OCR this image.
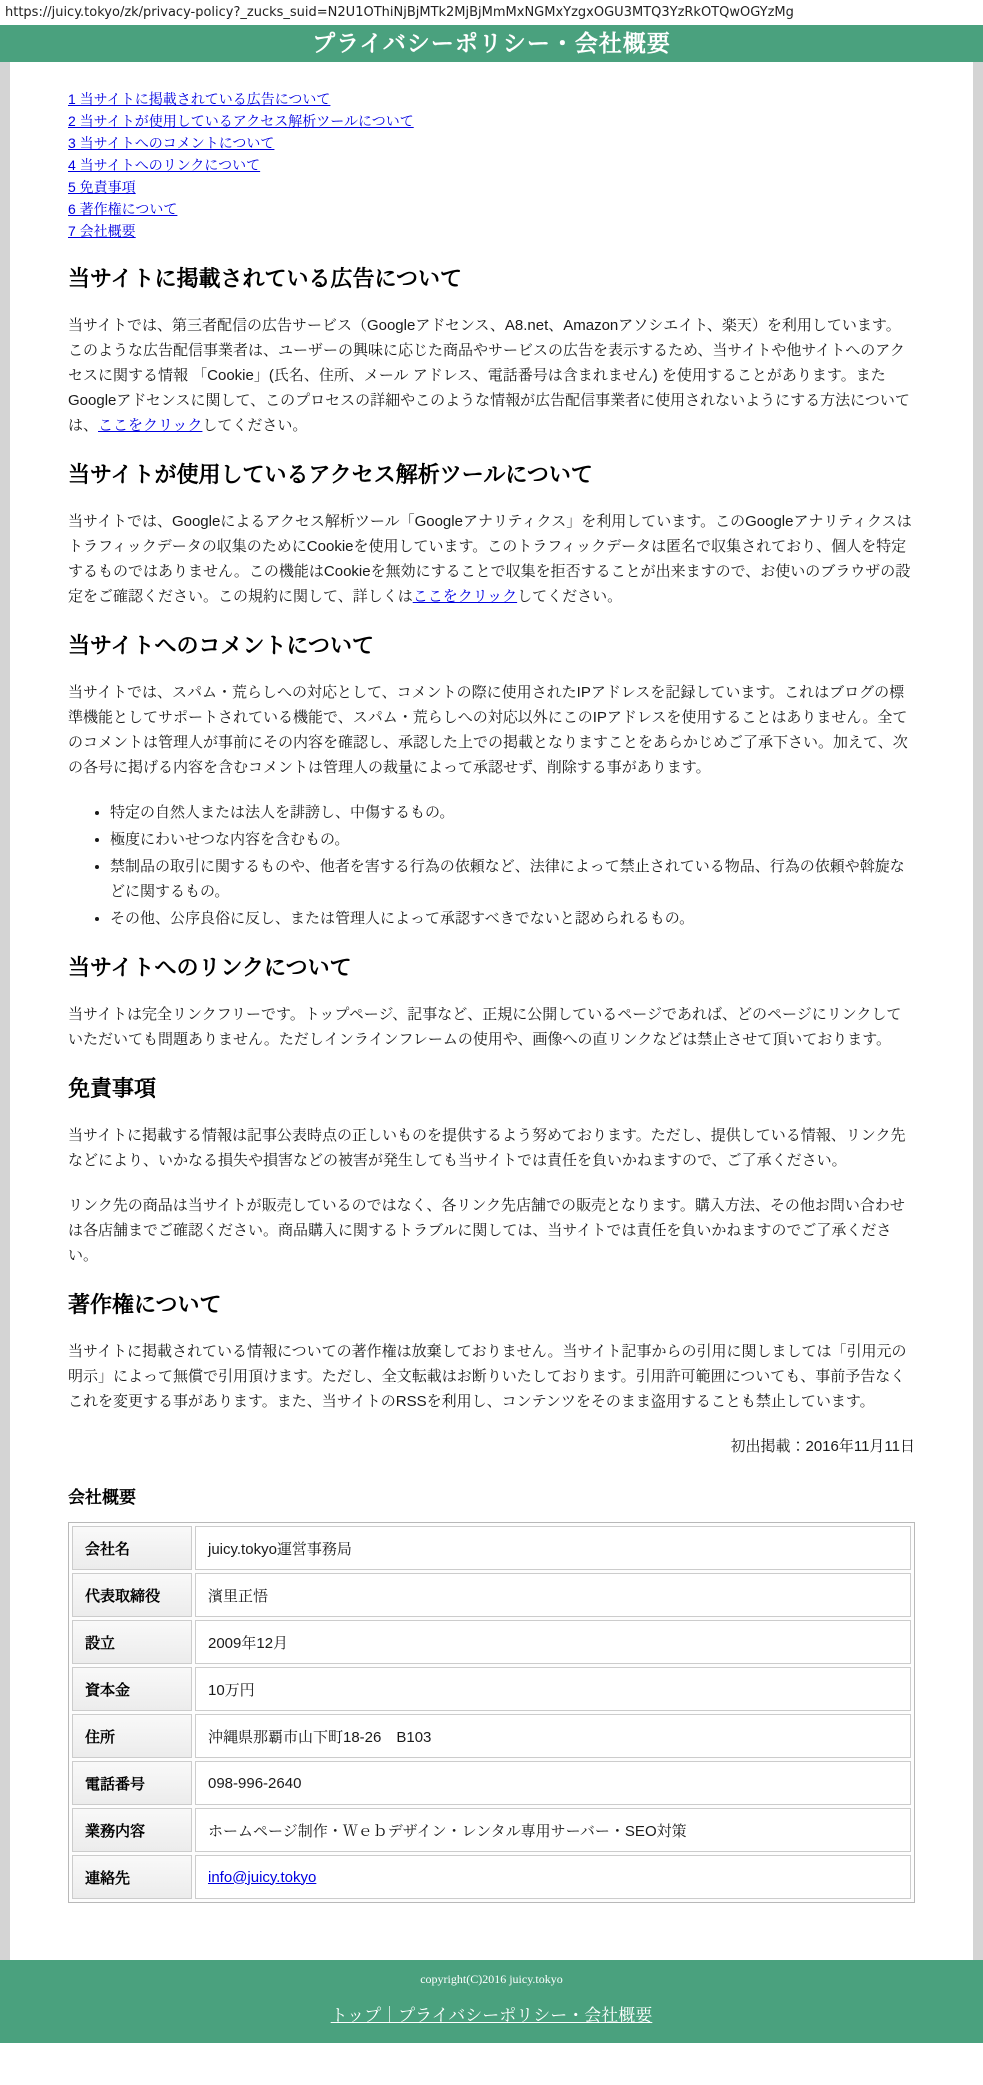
https://juicy.tokyo/zk/privacy-policy?_zucks_suid=N2U1OThiNjBjMTk2MjBjMmMxNGMxYzgxOGU3MTQ3YzRkOTQwOGYzMg
プライバシーポリシー・会社概要
1 当サイトに掲載されている広告について
2 当サイトが使用しているアクセス解析ツールについて
3 当サイトへのコメントについて
4 当サイトへのリンクについて
5 免責事項
6 著作権について
7 会社概要
当サイトに掲載されている広告について

当サイトでは、第三者配信の広告サービス（Googleアドセンス、A8.net、Amazonアソシエイト、楽天）を利用しています。このような広告配信事業者は、ユーザーの興味に応じた商品やサービスの広告を表示するため、当サイトや他サイトへのアクセスに関する情報 「Cookie」(氏名、住所、メール アドレス、電話番号は含まれません) を使用することがあります。またGoogleアドセンスに関して、このプロセスの詳細やこのような情報が広告配信事業者に使用されないようにする方法については、ここをクリックしてください。

当サイトが使用しているアクセス解析ツールについて

当サイトでは、Googleによるアクセス解析ツール「Googleアナリティクス」を利用しています。このGoogleアナリティクスはトラフィックデータの収集のためにCookieを使用しています。このトラフィックデータは匿名で収集されており、個人を特定するものではありません。この機能はCookieを無効にすることで収集を拒否することが出来ますので、お使いのブラウザの設定をご確認ください。この規約に関して、詳しくはここをクリックしてください。

当サイトへのコメントについて

当サイトでは、スパム・荒らしへの対応として、コメントの際に使用されたIPアドレスを記録しています。これはブログの標準機能としてサポートされている機能で、スパム・荒らしへの対応以外にこのIPアドレスを使用することはありません。全てのコメントは管理人が事前にその内容を確認し、承認した上での掲載となりますことをあらかじめご了承下さい。加えて、次の各号に掲げる内容を含むコメントは管理人の裁量によって承認せず、削除する事があります。

• 特定の自然人または法人を誹謗し、中傷するもの。
• 極度にわいせつな内容を含むもの。
• 禁制品の取引に関するものや、他者を害する行為の依頼など、法律によって禁止されている物品、行為の依頼や斡旋などに関するもの。
• その他、公序良俗に反し、または管理人によって承認すべきでないと認められるもの。
当サイトへのリンクについて

当サイトは完全リンクフリーです。トップページ、記事など、正規に公開しているページであれば、どのページにリンクしていただいても問題ありません。ただしインラインフレームの使用や、画像への直リンクなどは禁止させて頂いております。

免責事項

当サイトに掲載する情報は記事公表時点の正しいものを提供するよう努めております。ただし、提供している情報、リンク先などにより、いかなる損失や損害などの被害が発生しても当サイトでは責任を負いかねますので、ご了承ください。

リンク先の商品は当サイトが販売しているのではなく、各リンク先店舗での販売となります。購入方法、その他お問い合わせは各店舗までご確認ください。商品購入に関するトラブルに関しては、当サイトでは責任を負いかねますのでご了承ください。

著作権について

当サイトに掲載されている情報についての著作権は放棄しておりません。当サイト記事からの引用に関しましては「引用元の明示」によって無償で引用頂けます。ただし、全文転載はお断りいたしております。引用許可範囲についても、事前予告なくこれを変更する事があります。また、当サイトのRSSを利用し、コンテンツをそのまま盗用することも禁止しています。

初出掲載：2016年11月11日

会社概要
会社名	juicy.tokyo運営事務局
代表取締役	濱里正悟
設立	2009年12月
資本金	10万円
住所	沖縄県那覇市山下町18-26　B103
電話番号	098-996-2640
業務内容	ホームページ制作・Ｗｅｂデザイン・レンタル専用サーバー・SEO対策
連絡先	info@juicy.tokyo
copyright(C)2016 juicy.tokyo
トップ｜プライバシーポリシー・会社概要
